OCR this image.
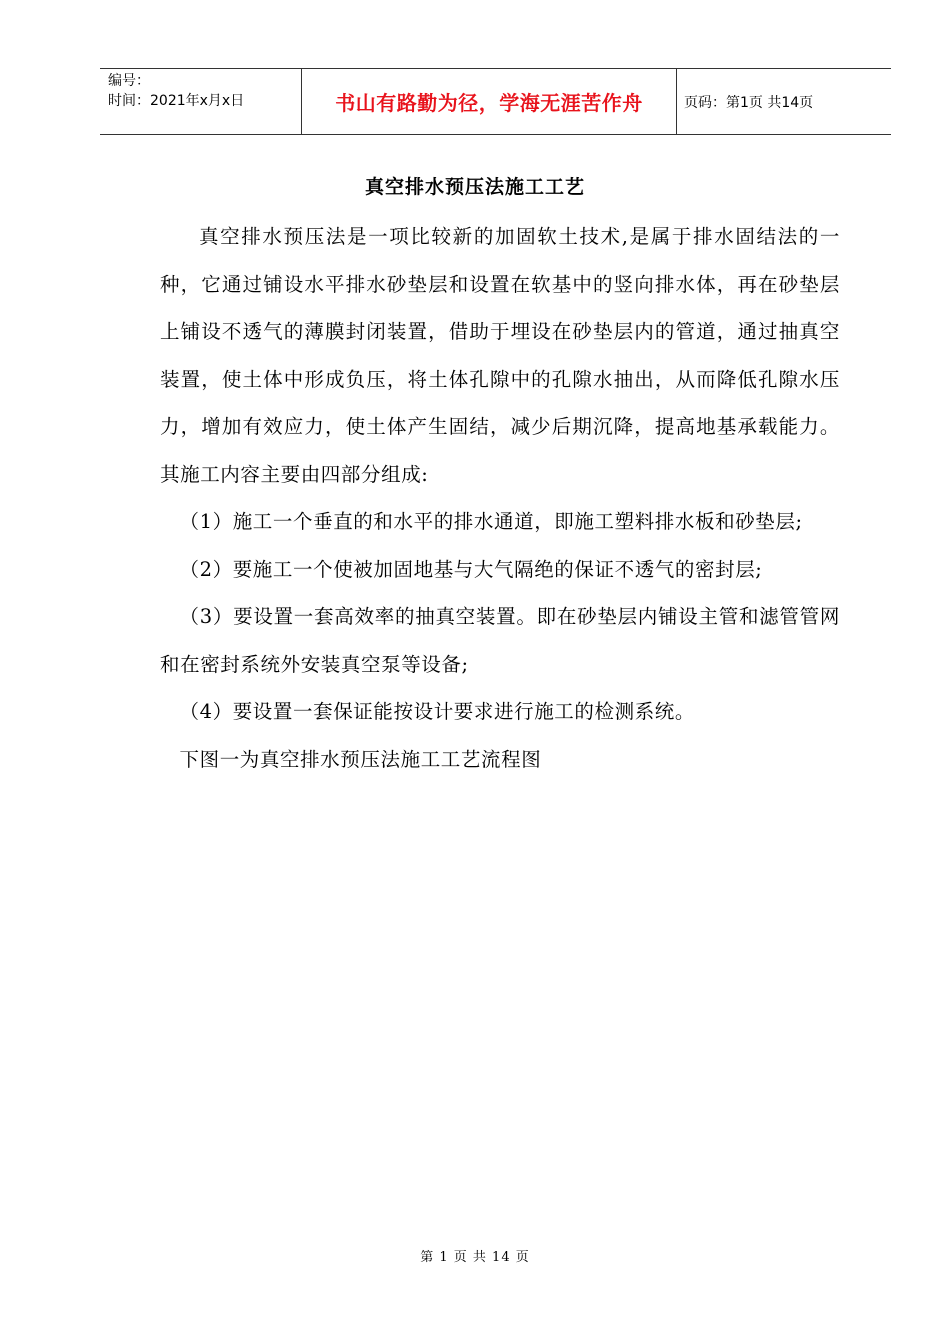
编号：
时间：2021年x月x日	书山有路勤为径，学海无涯苦作舟	页码：第1页 共14页
真空排水预压法施工工艺

真空排水预压法是一项比较新的加固软土技术,是属于排水固结法的一种，它通过铺设水平排水砂垫层和设置在软基中的竖向排水体，再在砂垫层上铺设不透气的薄膜封闭装置，借助于埋设在砂垫层内的管道，通过抽真空装置，使土体中形成负压，将土体孔隙中的孔隙水抽出，从而降低孔隙水压力，增加有效应力，使土体产生固结，减少后期沉降，提高地基承载能力。其施工内容主要由四部分组成:

（1）施工一个垂直的和水平的排水通道，即施工塑料排水板和砂垫层;

（2）要施工一个使被加固地基与大气隔绝的保证不透气的密封层;

（3）要设置一套高效率的抽真空装置。即在砂垫层内铺设主管和滤管管网和在密封系统外安装真空泵等设备;

（4）要设置一套保证能按设计要求进行施工的检测系统。

下图一为真空排水预压法施工工艺流程图

第 1 页 共 14 页
